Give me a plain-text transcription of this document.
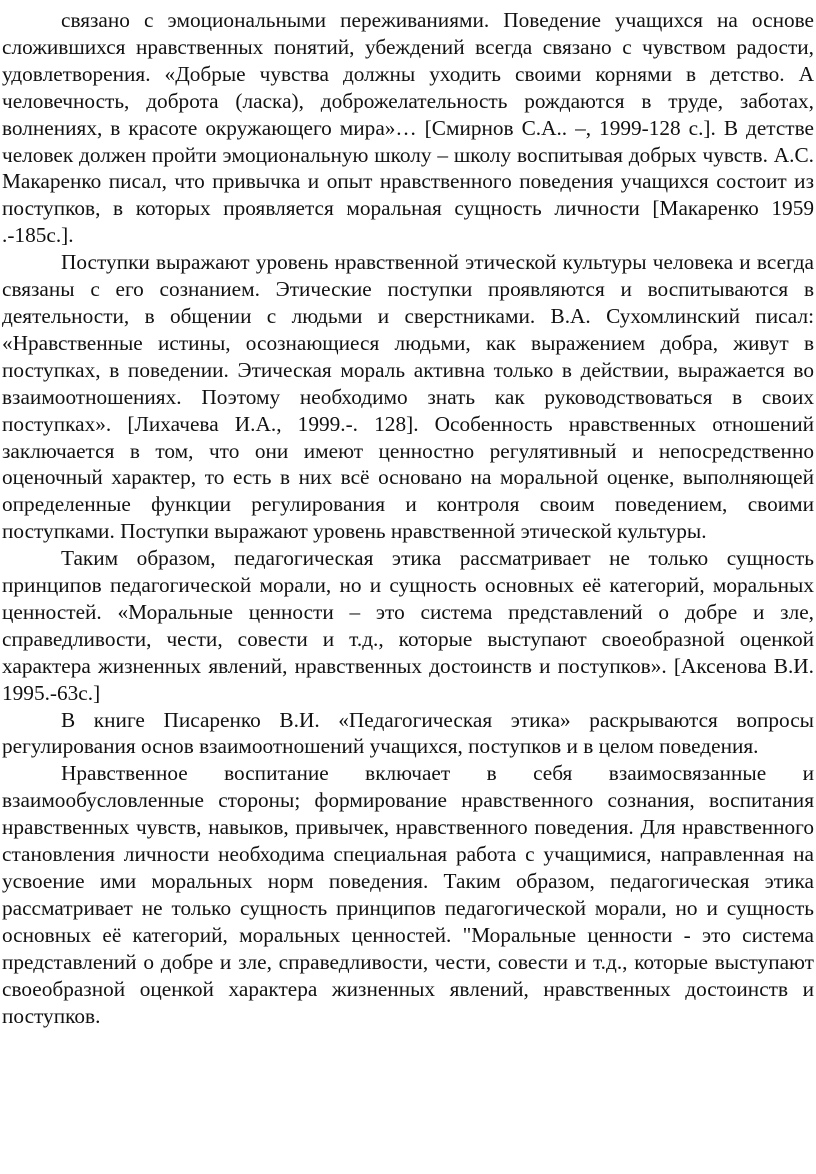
связано с эмоциональными переживаниями. Поведение учащихся на основе сложившихся нравственных понятий, убеждений всегда связано с чувством радости, удовлетворения. «Добрые чувства должны уходить своими корнями в детство. А человечность, доброта (ласка), доброжелательность рождаются в труде, заботах, волнениях, в красоте окружающего мира»… [Смирнов С.А.. –, 1999-128 с.]. В детстве человек должен пройти эмоциональную школу – школу воспитывая добрых чувств. А.С. Макаренко писал, что привычка и опыт нравственного поведения учащихся состоит из поступков, в которых проявляется моральная сущность личности [Макаренко 1959 .-185с.].

Поступки выражают уровень нравственной этической культуры человека и всегда связаны с его сознанием. Этические поступки проявляются и воспитываются в деятельности, в общении с людьми и сверстниками. В.А. Сухомлинский писал: «Нравственные истины, осознающиеся людьми, как выражением добра, живут в поступках, в поведении. Этическая мораль активна только в действии, выражается во взаимоотношениях. Поэтому необходимо знать как руководствоваться в своих поступках». [Лихачева И.А., 1999.-. 128]. Особенность нравственных отношений заключается в том, что они имеют ценностно регулятивный и непосредственно оценочный характер, то есть в них всё основано на моральной оценке, выполняющей определенные функции регулирования и контроля своим поведением, своими поступками. Поступки выражают уровень нравственной этической культуры.

Таким образом, педагогическая этика рассматривает не только сущность принципов педагогической морали, но и сущность основных её категорий, моральных ценностей. «Моральные ценности – это система представлений о добре и зле, справедливости, чести, совести и т.д., которые выступают своеобразной оценкой характера жизненных явлений, нравственных достоинств и поступков». [Аксенова В.И. 1995.-63с.]

В книге Писаренко В.И. «Педагогическая этика» раскрываются вопросы регулирования основ взаимоотношений учащихся, поступков и в целом поведения.

Нравственное воспитание включает в себя взаимосвязанные и взаимообусловленные стороны; формирование нравственного сознания, воспитания нравственных чувств, навыков, привычек, нравственного поведения. Для нравственного становления личности необходима специальная работа с учащимися, направленная на усвоение ими моральных норм поведения. Таким образом, педагогическая этика рассматривает не только сущность принципов педагогической морали, но и сущность основных её категорий, моральных ценностей. "Моральные ценности - это система представлений о добре и зле, справедливости, чести, совести и т.д., которые выступают своеобразной оценкой характера жизненных явлений, нравственных достоинств и поступков.
